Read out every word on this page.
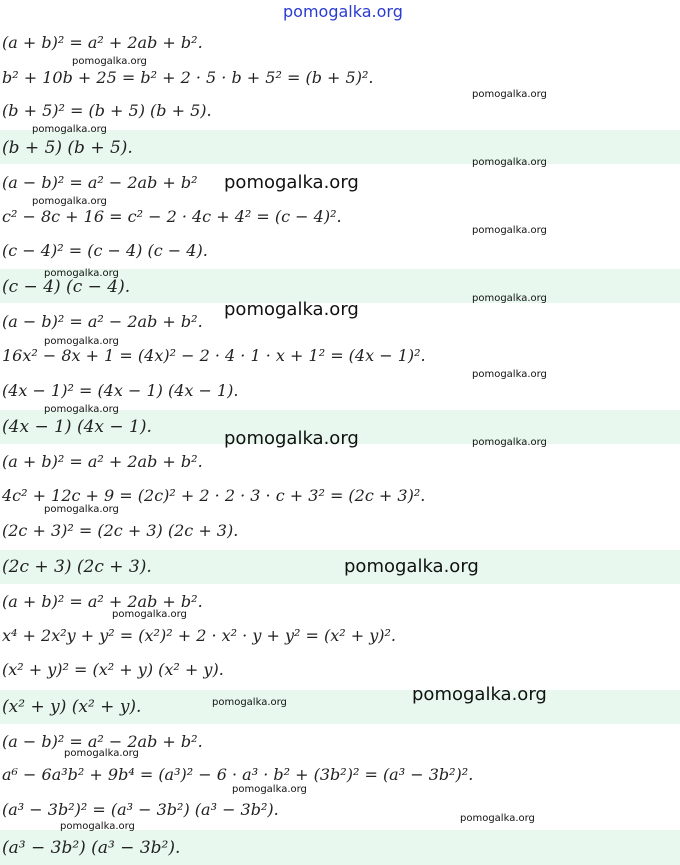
pomogalka.org
(a + b)² = a² + 2ab + b².
b² + 10b + 25 = b² + 2 · 5 · b + 5² = (b + 5)².
(b + 5)² = (b + 5) (b + 5).
(b + 5) (b + 5).
(a − b)² = a² − 2ab + b²
c² − 8c + 16 = c² − 2 · 4c + 4² = (c − 4)².
(c − 4)² = (c − 4) (c − 4).
(c − 4) (c − 4).
(a − b)² = a² − 2ab + b².
16x² − 8x + 1 = (4x)² − 2 · 4 · 1 · x + 1² = (4x − 1)².
(4x − 1)² = (4x − 1) (4x − 1).
(4x − 1) (4x − 1).
(a + b)² = a² + 2ab + b².
4c² + 12c + 9 = (2c)² + 2 · 2 · 3 · c + 3² = (2c + 3)².
(2c + 3)² = (2c + 3) (2c + 3).
(2c + 3) (2c + 3).
(a + b)² = a² + 2ab + b².
x⁴ + 2x²y + y² = (x²)² + 2 · x² · y + y² = (x² + y)².
(x² + y)² = (x² + y) (x² + y).
(x² + y) (x² + y).
(a − b)² = a² − 2ab + b².
a⁶ − 6a³b² + 9b⁴ = (a³)² − 6 · a³ · b² + (3b²)² = (a³ − 3b²)².
(a³ − 3b²)² = (a³ − 3b²) (a³ − 3b²).
(a³ − 3b²) (a³ − 3b²).
pomogalka.org
pomogalka.org
pomogalka.org
pomogalka.org
pomogalka.org
pomogalka.org
pomogalka.org
pomogalka.org
pomogalka.org
pomogalka.org
pomogalka.org
pomogalka.org
pomogalka.org
pomogalka.org	pomogalka.org
pomogalka.org
pomogalka.org
pomogalka.org
pomogalka.org
pomogalka.org
pomogalka.org
pomogalka.org
pomogalka.org
pomogalka.org
